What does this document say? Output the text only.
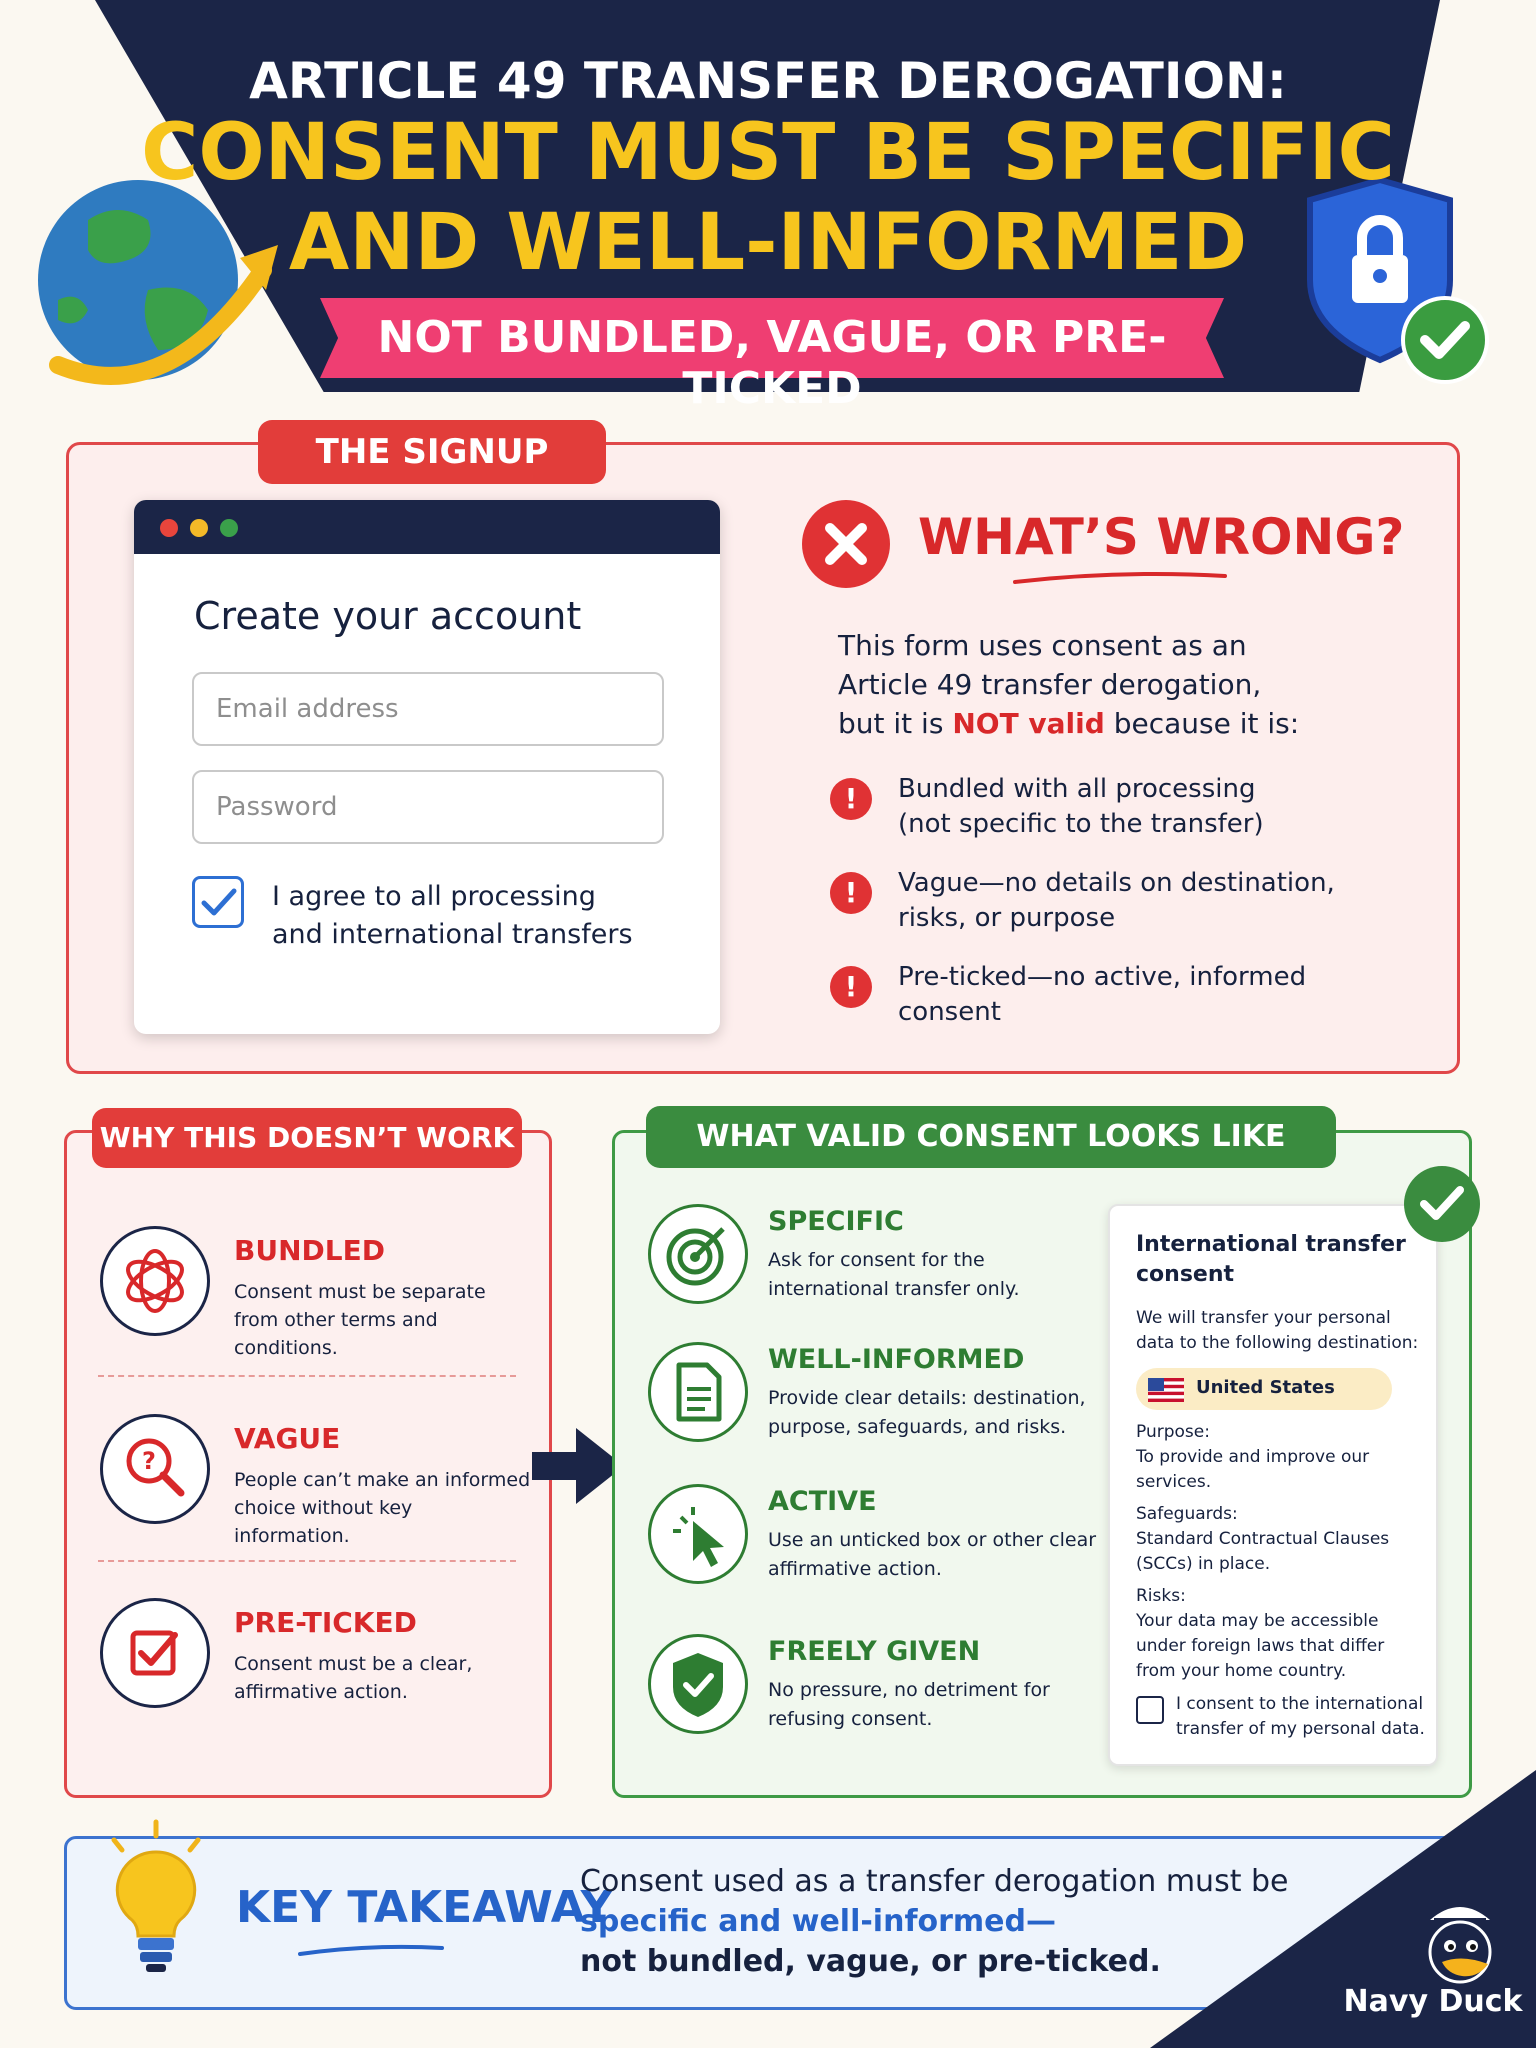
ARTICLE 49 TRANSFER DEROGATION:
CONSENT MUST BE SPECIFIC
AND WELL-INFORMED
NOT BUNDLED, VAGUE, OR PRE-TICKED
THE SIGNUP
Create your account
Email address
I agree to all processing
and international transfers
WHAT’S WRONG?
This form uses consent as an
Article 49 transfer derogation,
but it is NOT valid because it is:
!	Bundled with all processing
(not specific to the transfer)
!	Vague—no details on destination,
risks, or purpose
!	Pre-ticked—no active, informed
consent
WHY THIS DOESN’T WORK
BUNDLED
Consent must be separate from other terms and conditions.
?
VAGUE
People can’t make an informed choice without key information.
PRE-TICKED
Consent must be a clear, affirmative action.
WHAT VALID CONSENT LOOKS LIKE
SPECIFIC
Ask for consent for the international transfer only.
WELL-INFORMED
Provide clear details: destination, purpose, safeguards, and risks.
ACTIVE
Use an unticked box or other clear affirmative action.
FREELY GIVEN
No pressure, no detriment for refusing consent.
International transfer consent
We will transfer your personal data to the following destination:
United States
Purpose:
To provide and improve our services.
Safeguards:
Standard Contractual Clauses (SCCs) in place.
Risks:
Your data may be accessible under foreign laws that differ from your home country.
I consent to the international transfer of my personal data.
KEY TAKEAWAY
Consent used as a transfer derogation must be
specific and well-informed—
not bundled, vague, or pre-ticked.
Navy Duck
